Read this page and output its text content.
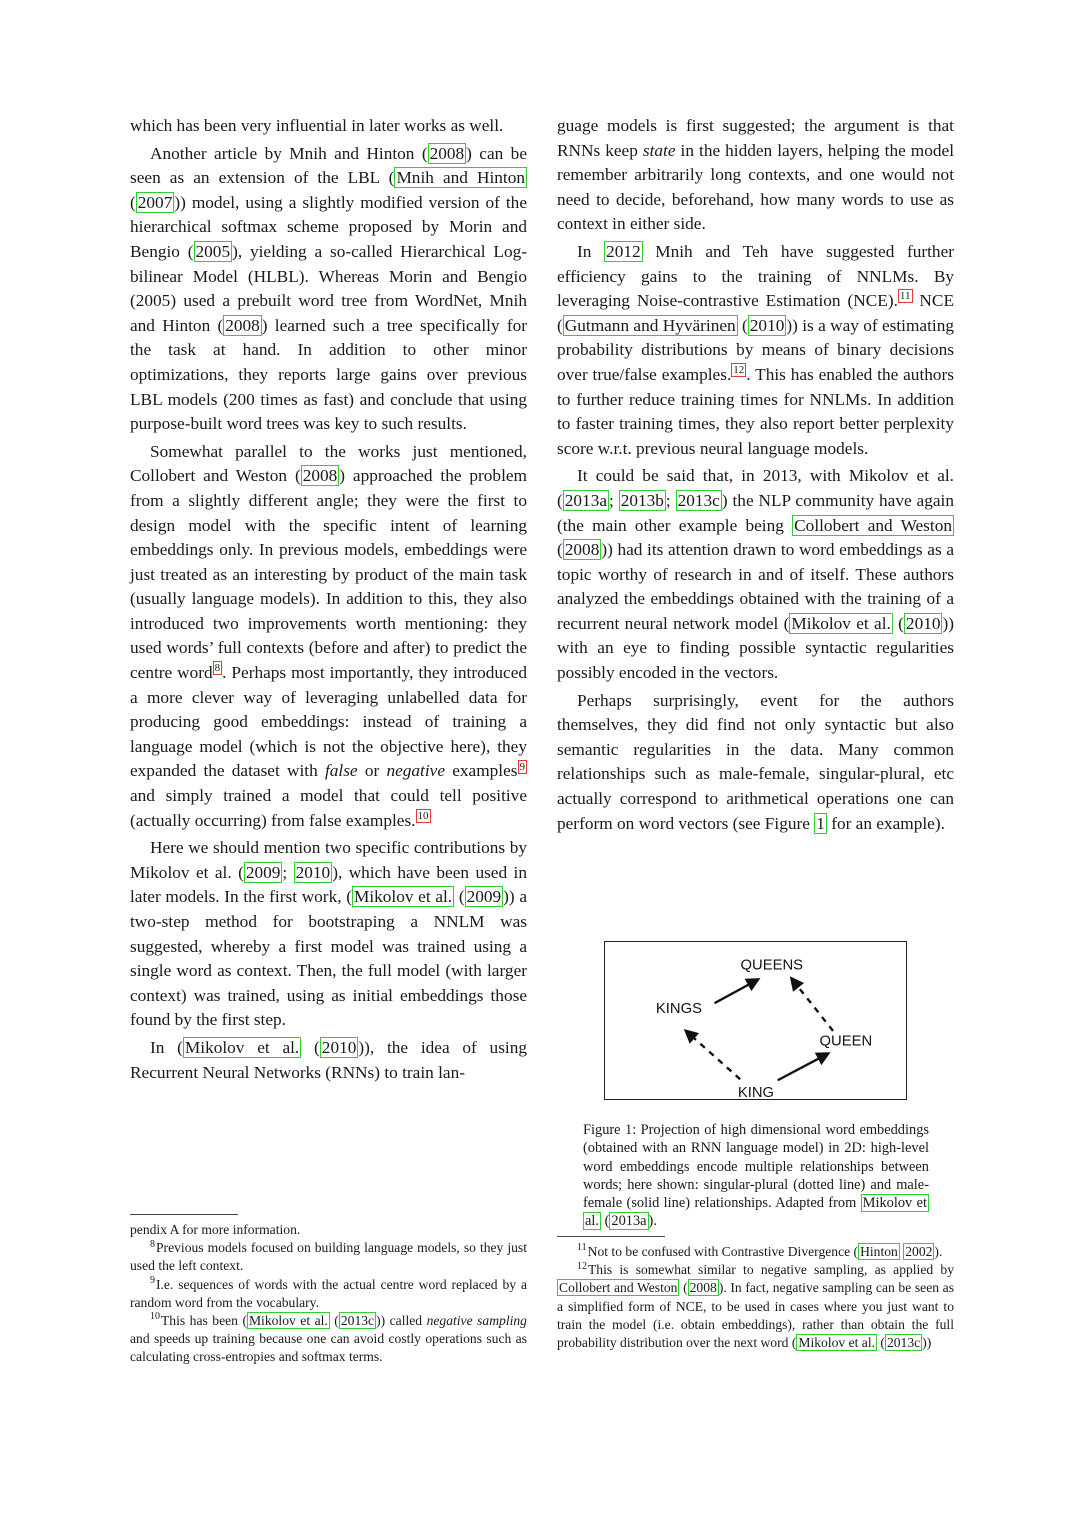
which has been very influential in later works as well.

Another article by Mnih and Hinton ( 2008 ) can be seen as an extension of the LBL ( Mnih and Hinton ( 2007 )) model, using a slightly modified version of the hierarchical softmax scheme proposed by Morin and Bengio ( 2005 ), yielding a so-called Hierarchical Log-bilinear Model (HLBL). Whereas Morin and Bengio (2005) used a prebuilt word tree from WordNet, Mnih and Hinton ( 2008 ) learned such a tree specifically for the task at hand. In addition to other minor optimizations, they reports large gains over previous LBL models (200 times as fast) and conclude that using purpose-built word trees was key to such results.

Somewhat parallel to the works just mentioned, Collobert and Weston ( 2008 ) approached the problem from a slightly different angle; they were the first to design model with the specific intent of learning embeddings only. In previous models, embeddings were just treated as an interesting by product of the main task (usually language models). In addition to this, they also introduced two improvements worth mentioning: they used words’ full contexts (before and after) to predict the centre word $^8$ . Perhaps most importantly, they introduced a more clever way of leveraging unlabelled data for producing good embeddings: instead of training a language model (which is not the objective here), they expanded the dataset with false or negative examples $^9$ and simply trained a model that could tell positive (actually occurring) from false examples. $^{10}$

Here we should mention two specific contributions by Mikolov et al. ( 2009 ; 2010 ), which have been used in later models. In the first work, ( Mikolov et al. ( 2009 )) a two-step method for bootstraping a NNLM was suggested, whereby a first model was trained using a single word as context. Then, the full model (with larger context) was trained, using as initial embeddings those found by the first step.

In ( Mikolov et al. ( 2010 )), the idea of using Recurrent Neural Networks (RNNs) to train lan-

pendix A for more information.

$^8$Previous models focused on building language models, so they just used the left context.

$^9$I.e. sequences of words with the actual centre word replaced by a random word from the vocabulary.

$^{10}$This has been ( Mikolov et al. ( 2013c )) called negative sampling and speeds up training because one can avoid costly operations such as calculating cross-entropies and softmax terms.

guage models is first suggested; the argument is that RNNs keep state in the hidden layers, helping the model remember arbitrarily long contexts, and one would not need to decide, beforehand, how many words to use as context in either side.

In 2012 Mnih and Teh have suggested further efficiency gains to the training of NNLMs. By leveraging Noise-contrastive Estimation (NCE). $^{11}$ NCE ( Gutmann and Hyvärinen ( 2010 )) is a way of estimating probability distributions by means of binary decisions over true/false examples. $^{12}$ . This has enabled the authors to further reduce training times for NNLMs. In addition to faster training times, they also report better perplexity score w.r.t. previous neural language models.

It could be said that, in 2013, with Mikolov et al. ( 2013a ; 2013b ; 2013c ) the NLP community have again (the main other example being Collobert and Weston ( 2008 )) had its attention drawn to word embeddings as a topic worthy of research in and of itself. These authors analyzed the embeddings obtained with the training of a recurrent neural network model ( Mikolov et al. ( 2010 )) with an eye to finding possible syntactic regularities possibly encoded in the vectors.

Perhaps surprisingly, event for the authors themselves, they did find not only syntactic but also semantic regularities in the data. Many common relationships such as male-female, singular-plural, etc actually correspond to arithmetical operations one can perform on word vectors (see Figure 1 for an example).

QUEENS
KINGS
QUEEN
KING

Figure 1: Projection of high dimensional word embeddings (obtained with an RNN language model) in 2D: high-level word embeddings encode multiple relationships between words; here shown: singular-plural (dotted line) and male-female (solid line) relationships. Adapted from Mikolov et al. ( 2013a ).

$^{11}$Not to be confused with Contrastive Divergence ( Hinton 2002 ).

$^{12}$This is somewhat similar to negative sampling, as applied by Collobert and Weston ( 2008 ). In fact, negative sampling can be seen as a simplified form of NCE, to be used in cases where you just want to train the model (i.e. obtain embeddings), rather than obtain the full probability distribution over the next word ( Mikolov et al. ( 2013c ))
